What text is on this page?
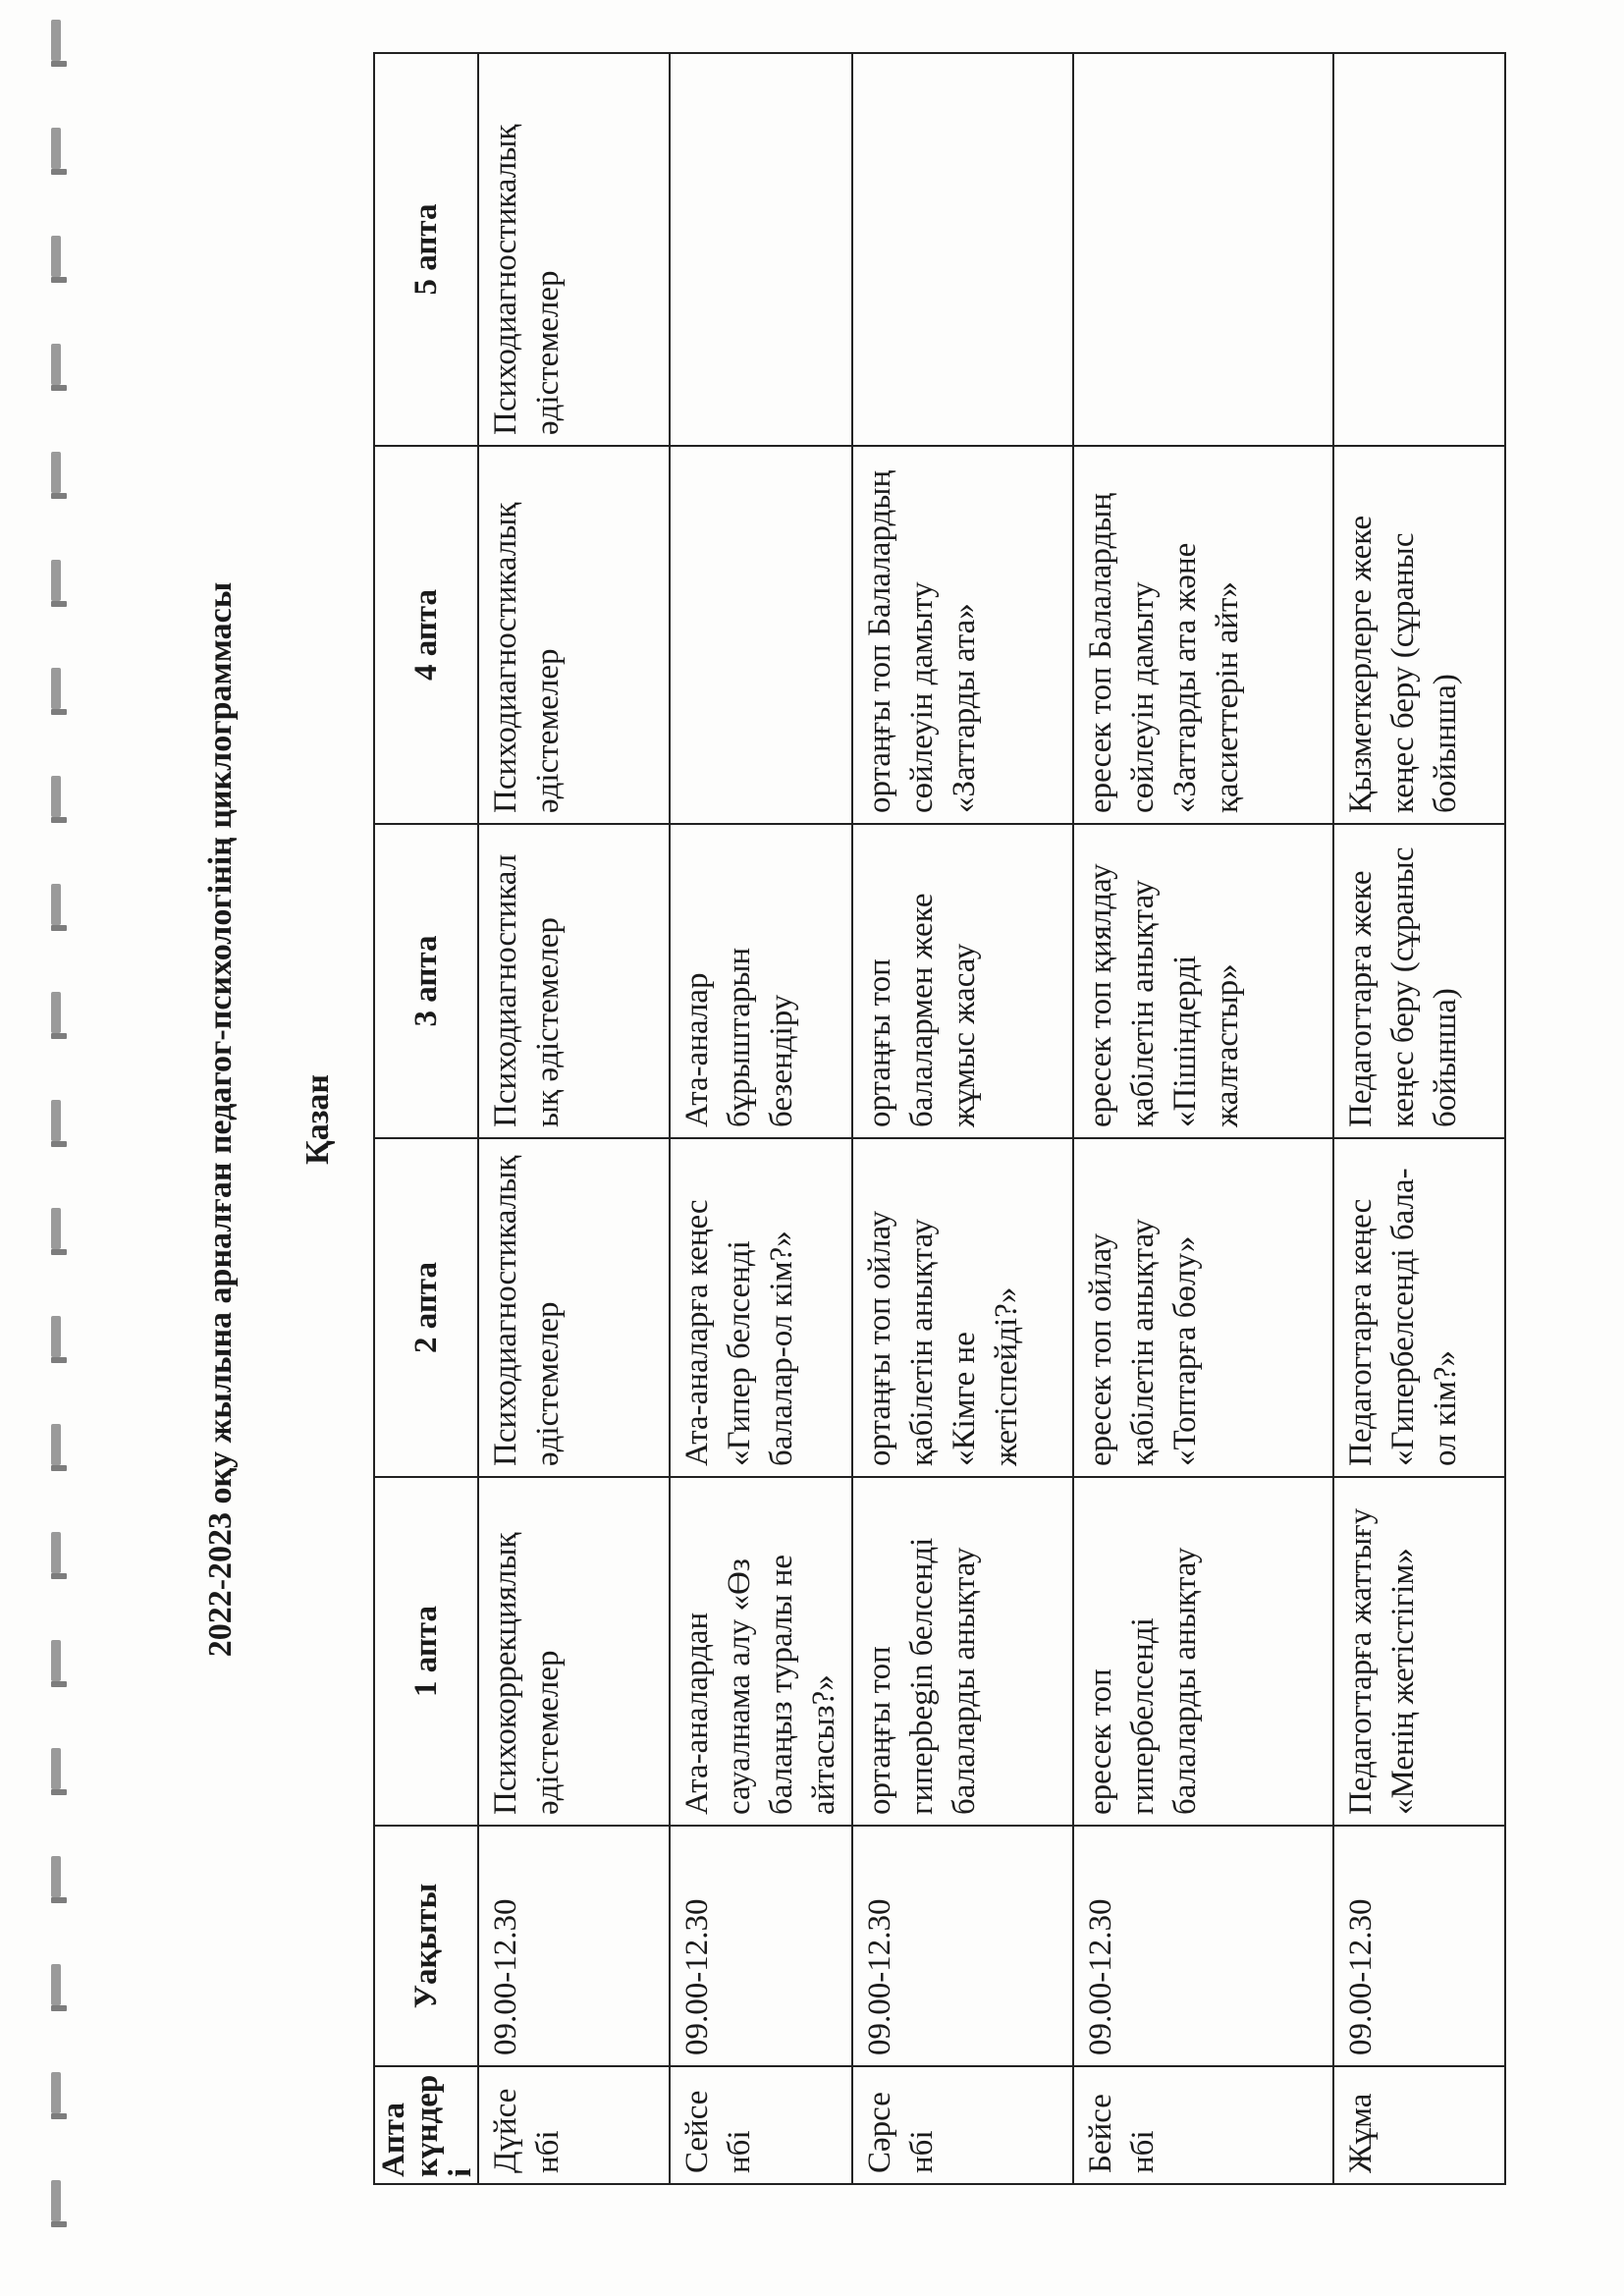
2022-2023 оқу жылына арналған педагог-психологінің циклограммасы	Қазан
Апта күндері	Уақыты	1 апта	2 апта	3 апта	4 апта	5 апта
Дүйсенбі	09.00-12.30	Психокоррекциялық әдістемелер	Психодиагностикалық әдістемелер	Психодиагностикалық әдістемелер	Психодиагностикалық әдістемелер	Психодиагностикалық әдістемелер
Сейсенбі	09.00-12.30	Ата-аналардан сауалнама алу «Өз балаңыз туралы не айтасыз?»	Ата-аналарға кеңес «Гипер белсенді балалар-ол кім?»	Ата-аналар бұрыштарын безендіру		
Сәрсенбі	09.00-12.30	ортаңғы топ гиперbegin белсенді балаларды анықтау	ортаңғы топ ойлау қабілетін анықтау «Кімге не жетіспейді?»	ортаңғы топ балалармен жеке жұмыс жасау	ортаңғы топ Балалардың сөйлеуін дамыту «Заттарды ата»	
Бейсенбі	09.00-12.30	ересек топ гипербелсенді балаларды анықтау	ересек топ ойлау қабілетін анықтау «Топтарға бөлу»	ересек топ қиялдау қабілетін анықтау «Пішіндерді жалғастыр»	ересек топ Балалардың сөйлеуін дамыту «Заттарды ата және қасиеттерін айт»	
Жұма	09.00-12.30	Педагогтарға жаттығу «Менің жетістігім»	Педагогтарға кеңес «Гипербелсенді бала-ол кім?»	Педагогтарға жеке кеңес беру (сұраныс бойынша)	Қызметкерлерге жеке кеңес беру (сұраныс бойынша)	
